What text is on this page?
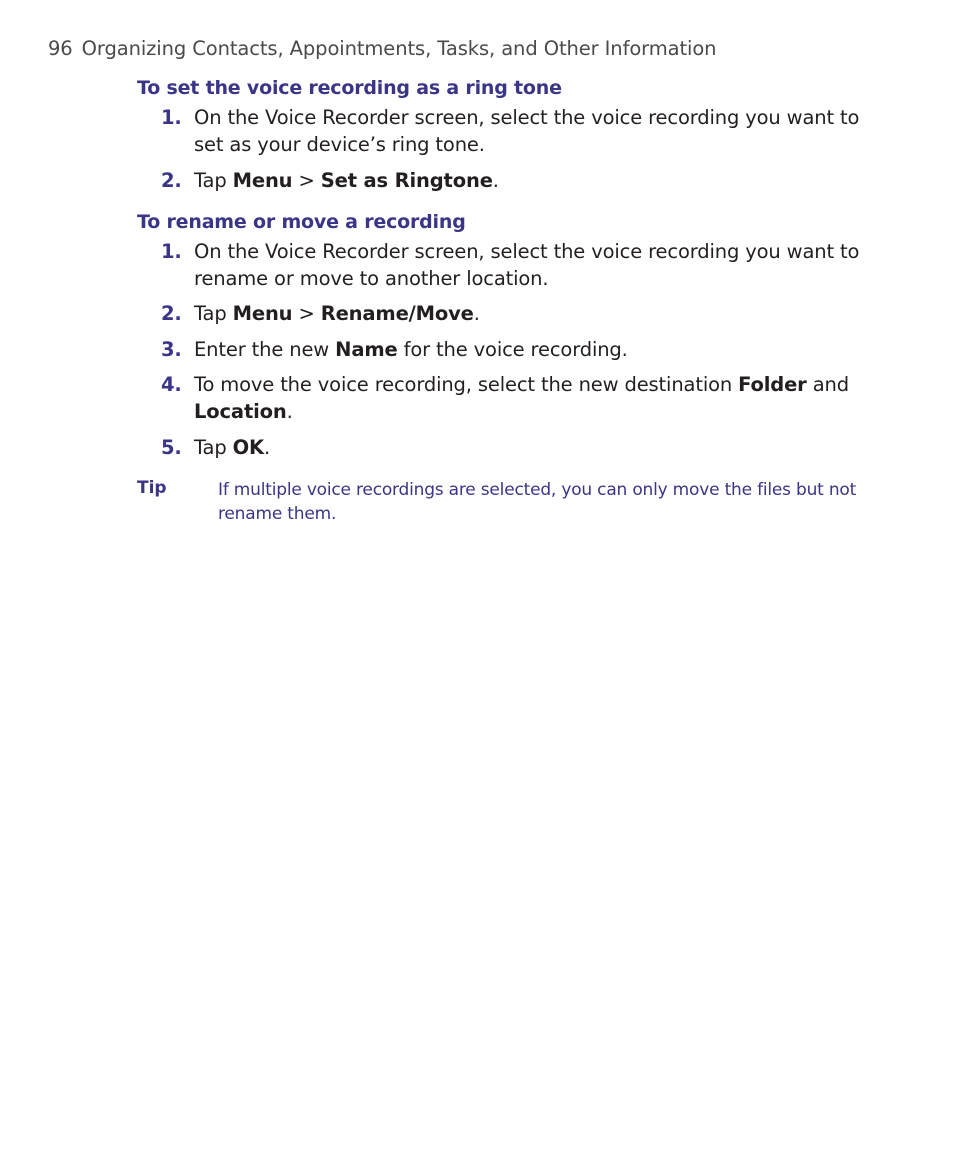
96 Organizing Contacts, Appointments, Tasks, and Other Information
To set the voice recording as a ring tone
1. On the Voice Recorder screen, select the voice recording you want to
set as your device’s ring tone.
2. Tap Menu > Set as Ringtone.
To rename or move a recording
1. On the Voice Recorder screen, select the voice recording you want to
rename or move to another location.
2. Tap Menu > Rename/Move.
3. Enter the new Name for the voice recording.
4. To move the voice recording, select the new destination Folder and
Location.
5. Tap OK.
Tip	If multiple voice recordings are selected, you can only move the files but not
rename them.
